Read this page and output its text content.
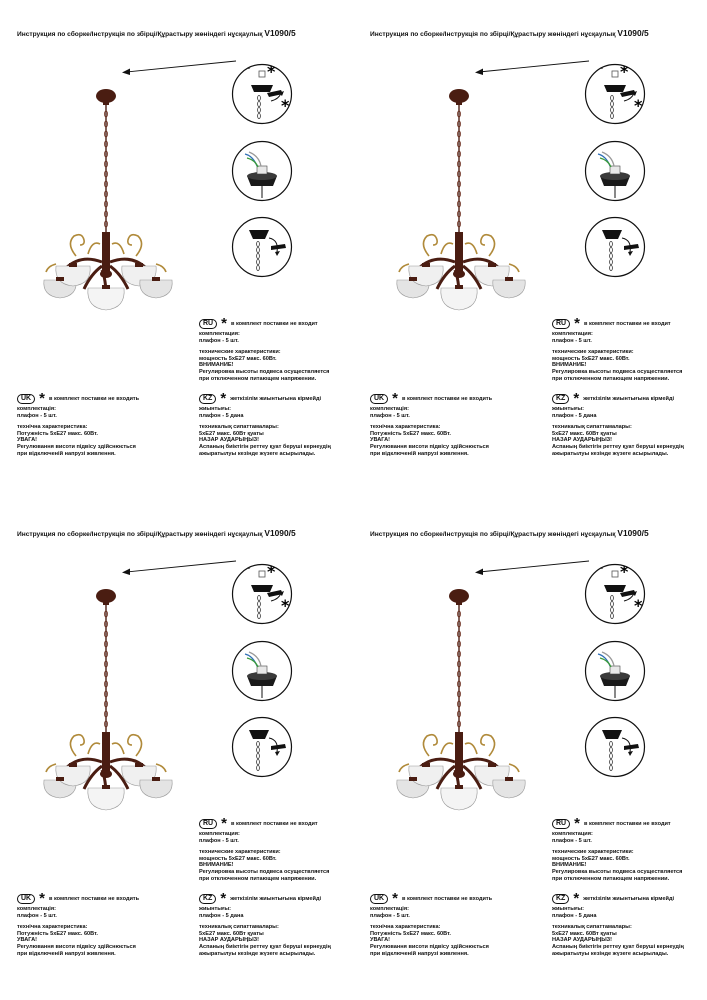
Инструкция по сборке/Інструкція по збірці/Құрастыру жөніндегі нұсқаулық V1090/5
*
*
RU * в комплект поставки не входит
комплектация:
плафон - 5 шт.
технические характеристики:
мощность 5хЕ27 макс. 60Вт.
ВНИМАНИЕ!
Регулировка высоты подвеса осуществляется
при отключенном питающем напряжении.
UK * в комплект поставки не входить
комплектація:
плафон - 5 шт.
технічна характеристика:
Потужність 5хЕ27 макс. 60Вт.
УВАГА!
Регулювання висоти підвісу здійснюється
при відключеній напрузі живлення.
KZ * жеткізілім жиынтығына кірмейді
жиынтығы:
плафон - 5 дана
техникалық сипаттамалары:
5хЕ27 макс. 60Вт қуаты
НАЗАР АУДАРЫҢЫЗ!
Аспаның биіктігін реттеу қуат беруші кернеудің
ажыратылуы кезінде жүзеге асырылады.
Инструкция по сборке/Інструкція по збірці/Құрастыру жөніндегі нұсқаулық V1090/5
*
*
RU * в комплект поставки не входит
комплектация:
плафон - 5 шт.
технические характеристики:
мощность 5хЕ27 макс. 60Вт.
ВНИМАНИЕ!
Регулировка высоты подвеса осуществляется
при отключенном питающем напряжении.
UK * в комплект поставки не входить
комплектація:
плафон - 5 шт.
технічна характеристика:
Потужність 5хЕ27 макс. 60Вт.
УВАГА!
Регулювання висоти підвісу здійснюється
при відключеній напрузі живлення.
KZ * жеткізілім жиынтығына кірмейді
жиынтығы:
плафон - 5 дана
техникалық сипаттамалары:
5хЕ27 макс. 60Вт қуаты
НАЗАР АУДАРЫҢЫЗ!
Аспаның биіктігін реттеу қуат беруші кернеудің
ажыратылуы кезінде жүзеге асырылады.
Инструкция по сборке/Інструкція по збірці/Құрастыру жөніндегі нұсқаулық V1090/5
*
*
RU * в комплект поставки не входит
комплектация:
плафон - 5 шт.
технические характеристики:
мощность 5хЕ27 макс. 60Вт.
ВНИМАНИЕ!
Регулировка высоты подвеса осуществляется
при отключенном питающем напряжении.
UK * в комплект поставки не входить
комплектація:
плафон - 5 шт.
технічна характеристика:
Потужність 5хЕ27 макс. 60Вт.
УВАГА!
Регулювання висоти підвісу здійснюється
при відключеній напрузі живлення.
KZ * жеткізілім жиынтығына кірмейді
жиынтығы:
плафон - 5 дана
техникалық сипаттамалары:
5хЕ27 макс. 60Вт қуаты
НАЗАР АУДАРЫҢЫЗ!
Аспаның биіктігін реттеу қуат беруші кернеудің
ажыратылуы кезінде жүзеге асырылады.
Инструкция по сборке/Інструкція по збірці/Құрастыру жөніндегі нұсқаулық V1090/5
*
*
RU * в комплект поставки не входит
комплектация:
плафон - 5 шт.
технические характеристики:
мощность 5хЕ27 макс. 60Вт.
ВНИМАНИЕ!
Регулировка высоты подвеса осуществляется
при отключенном питающем напряжении.
UK * в комплект поставки не входить
комплектація:
плафон - 5 шт.
технічна характеристика:
Потужність 5хЕ27 макс. 60Вт.
УВАГА!
Регулювання висоти підвісу здійснюється
при відключеній напрузі живлення.
KZ * жеткізілім жиынтығына кірмейді
жиынтығы:
плафон - 5 дана
техникалық сипаттамалары:
5хЕ27 макс. 60Вт қуаты
НАЗАР АУДАРЫҢЫЗ!
Аспаның биіктігін реттеу қуат беруші кернеудің
ажыратылуы кезінде жүзеге асырылады.
